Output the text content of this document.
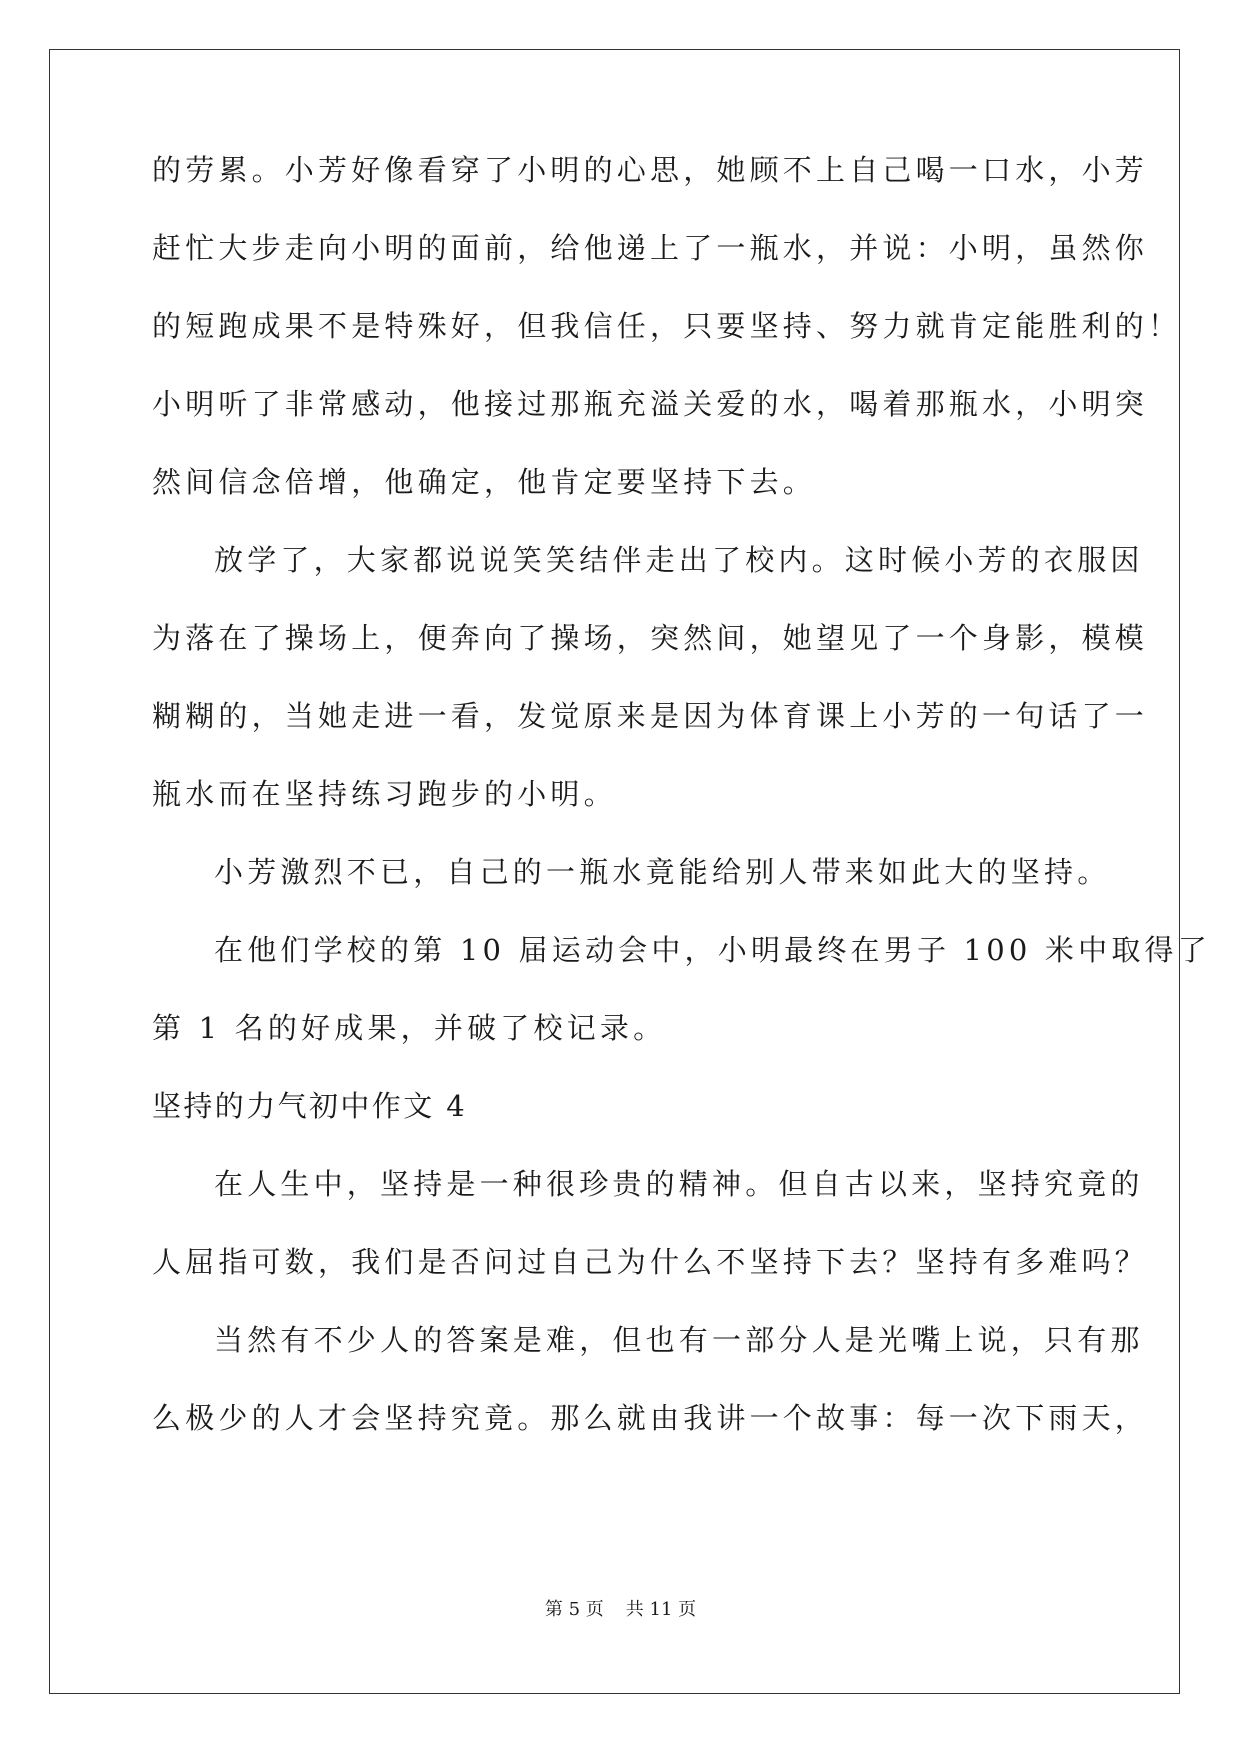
的劳累。小芳好像看穿了小明的心思，她顾不上自己喝一口水，小芳
赶忙大步走向小明的面前，给他递上了一瓶水，并说：小明，虽然你
的短跑成果不是特殊好，但我信任，只要坚持、努力就肯定能胜利的！
小明听了非常感动，他接过那瓶充溢关爱的水，喝着那瓶水，小明突
然间信念倍增，他确定，他肯定要坚持下去。
放学了，大家都说说笑笑结伴走出了校内。这时候小芳的衣服因
为落在了操场上，便奔向了操场，突然间，她望见了一个身影，模模
糊糊的，当她走进一看，发觉原来是因为体育课上小芳的一句话了一
瓶水而在坚持练习跑步的小明。
小芳激烈不已，自己的一瓶水竟能给别人带来如此大的坚持。
在他们学校的第 10 届运动会中，小明最终在男子 100 米中取得了
第 1 名的好成果，并破了校记录。
坚持的力气初中作文 4
在人生中，坚持是一种很珍贵的精神。但自古以来，坚持究竟的
人屈指可数，我们是否问过自己为什么不坚持下去？坚持有多难吗？
当然有不少人的答案是难，但也有一部分人是光嘴上说，只有那
么极少的人才会坚持究竟。那么就由我讲一个故事：每一次下雨天，
第 5 页 共 11 页
